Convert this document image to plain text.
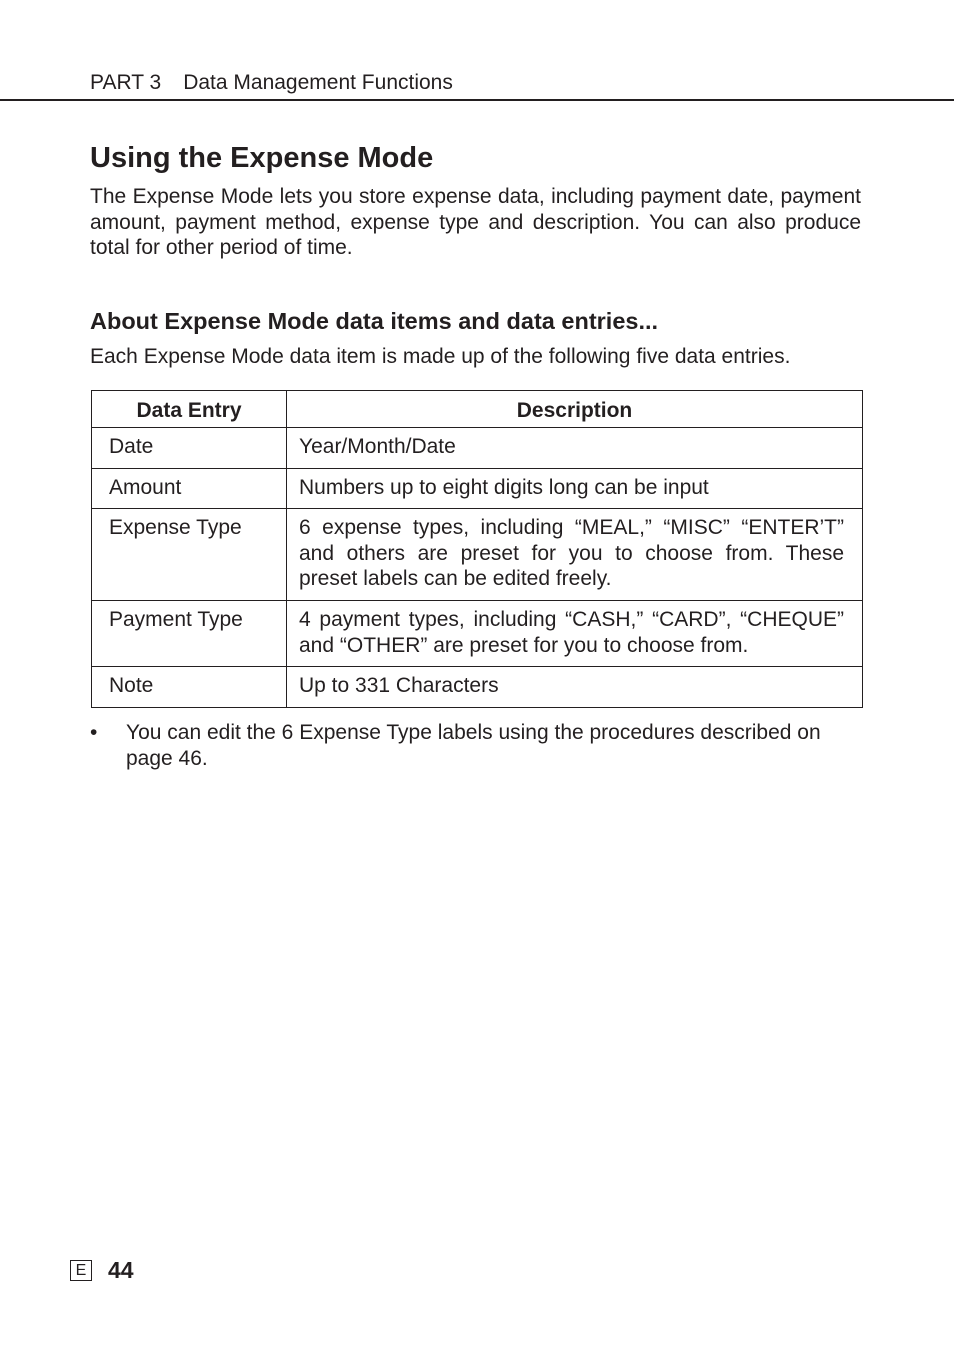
PART 3 Data Management Functions
Using the Expense Mode

The Expense Mode lets you store expense data, including payment date, payment amount, payment method, expense type and description. You can also produce total for other period of time.

About Expense Mode data items and data entries...

Each Expense Mode data item is made up of the following five data entries.

Data Entry	Description
Date	Year/Month/Date
Amount	Numbers up to eight digits long can be input
Expense Type	6 expense types, including “MEAL,” “MISC” “ENTER’T” and others are preset for you to choose from. These preset labels can be edited freely.
Payment Type	4 payment types, including “CASH,” “CARD”, “CHEQUE” and “OTHER” are preset for you to choose from.
Note	Up to 331 Characters
• You can edit the 6 Expense Type labels using the procedures described on page 46.
E 44
